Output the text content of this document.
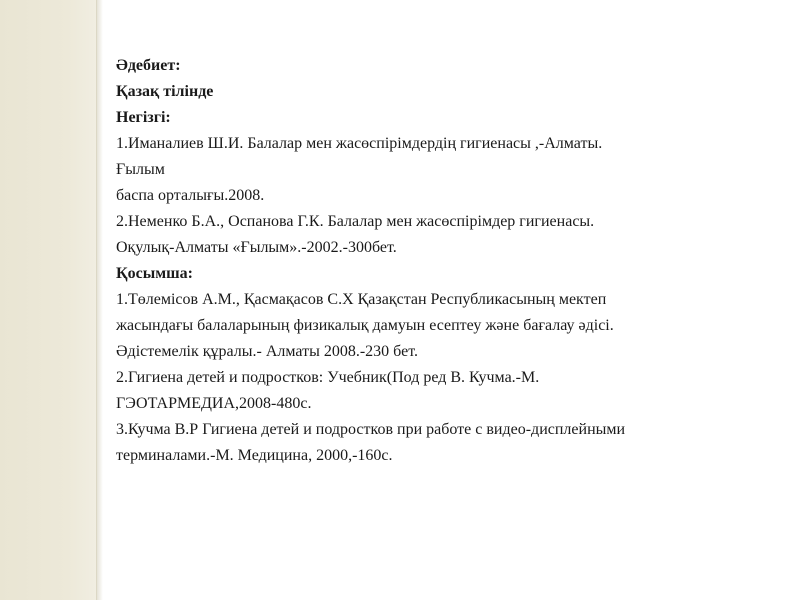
Әдебиет:
Қазақ тілінде
Негізгі:
1.Иманалиев Ш.И. Балалар мен жасөспірімдердің гигиенасы ,-Алматы.
Ғылым
баспа орталығы.2008.
2.Неменко Б.А., Оспанова Г.К. Балалар мен жасөспірімдер гигиенасы.
Оқулық-Алматы «Ғылым».-2002.-300бет.
Қосымша:
1.Төлемісов А.М., Қасмақасов С.Х Қазақстан Республикасының мектеп
жасындағы балаларының физикалық дамуын есептеу және бағалау әдісі.
Әдістемелік құралы.- Алматы 2008.-230 бет.
2.Гигиена детей и подростков: Учебник(Под ред В. Кучма.-М.
ГЭОТАРМЕДИА,2008-480с.
3.Кучма В.Р Гигиена детей и подростков при работе с видео-дисплейными
терминалами.-М. Медицина, 2000,-160с.
